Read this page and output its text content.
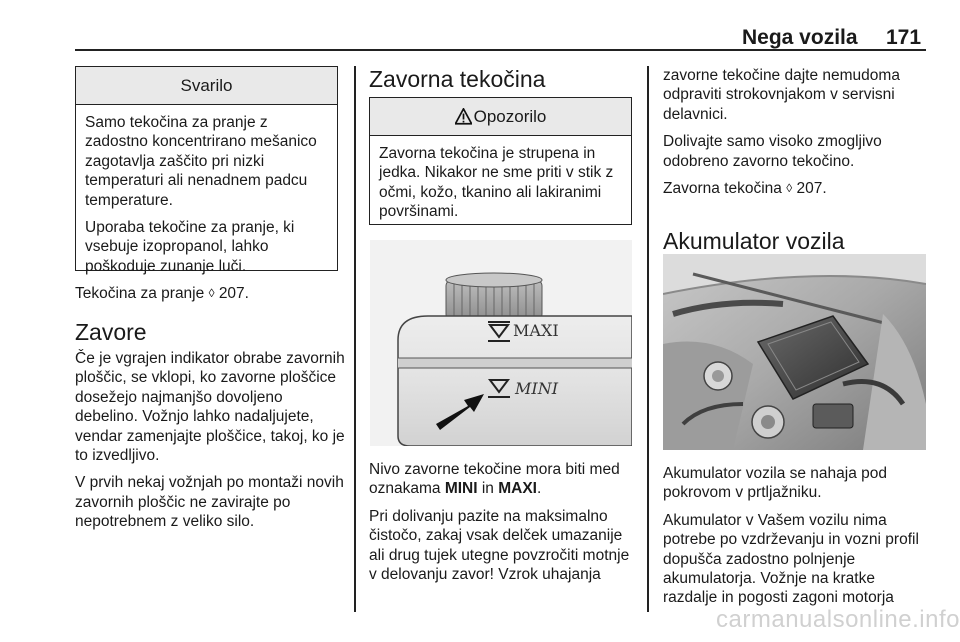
Nega vozila 171
Svarilo

Samo tekočina za pranje z zadostno koncentrirano mešanico zagotavlja zaščito pri nizki temperaturi ali nenadnem padcu temperature.

Uporaba tekočine za pranje, ki vsebuje izopropanol, lahko poškoduje zunanje luči.

Tekočina za pranje ◊ 207.

Zavore

Če je vgrajen indikator obrabe zavornih ploščic, se vklopi, ko zavorne ploščice dosežejo najmanjšo dovoljeno debelino. Vožnjo lahko nadaljujete, vendar zamenjajte ploščice, takoj, ko je to izvedljivo.

V prvih nekaj vožnjah po montaži novih zavornih ploščic ne zavirajte po nepotrebnem z veliko silo.

Zavorna tekočina
Opozorilo

Zavorna tekočina je strupena in jedka. Nikakor ne sme priti v stik z očmi, kožo, tkanino ali lakiranimi površinami.

MAXI
MINI

Nivo zavorne tekočine mora biti med oznakama MINI in MAXI.

Pri dolivanju pazite na maksimalno čistočo, zakaj vsak delček umazanije ali drug tujek utegne povzročiti motnje v delovanju zavor! Vzrok uhajanja

zavorne tekočine dajte nemudoma odpraviti strokovnjakom v servisni delavnici.

Dolivajte samo visoko zmogljivo odobreno zavorno tekočino.

Zavorna tekočina ◊ 207.

Akumulator vozila

Akumulator vozila se nahaja pod pokrovom v prtljažniku.

Akumulator v Vašem vozilu nima potrebe po vzdrževanju in vozni profil dopušča zadostno polnjenje akumulatorja. Vožnje na kratke razdalje in pogosti zagoni motorja

carmanualsonline.info
